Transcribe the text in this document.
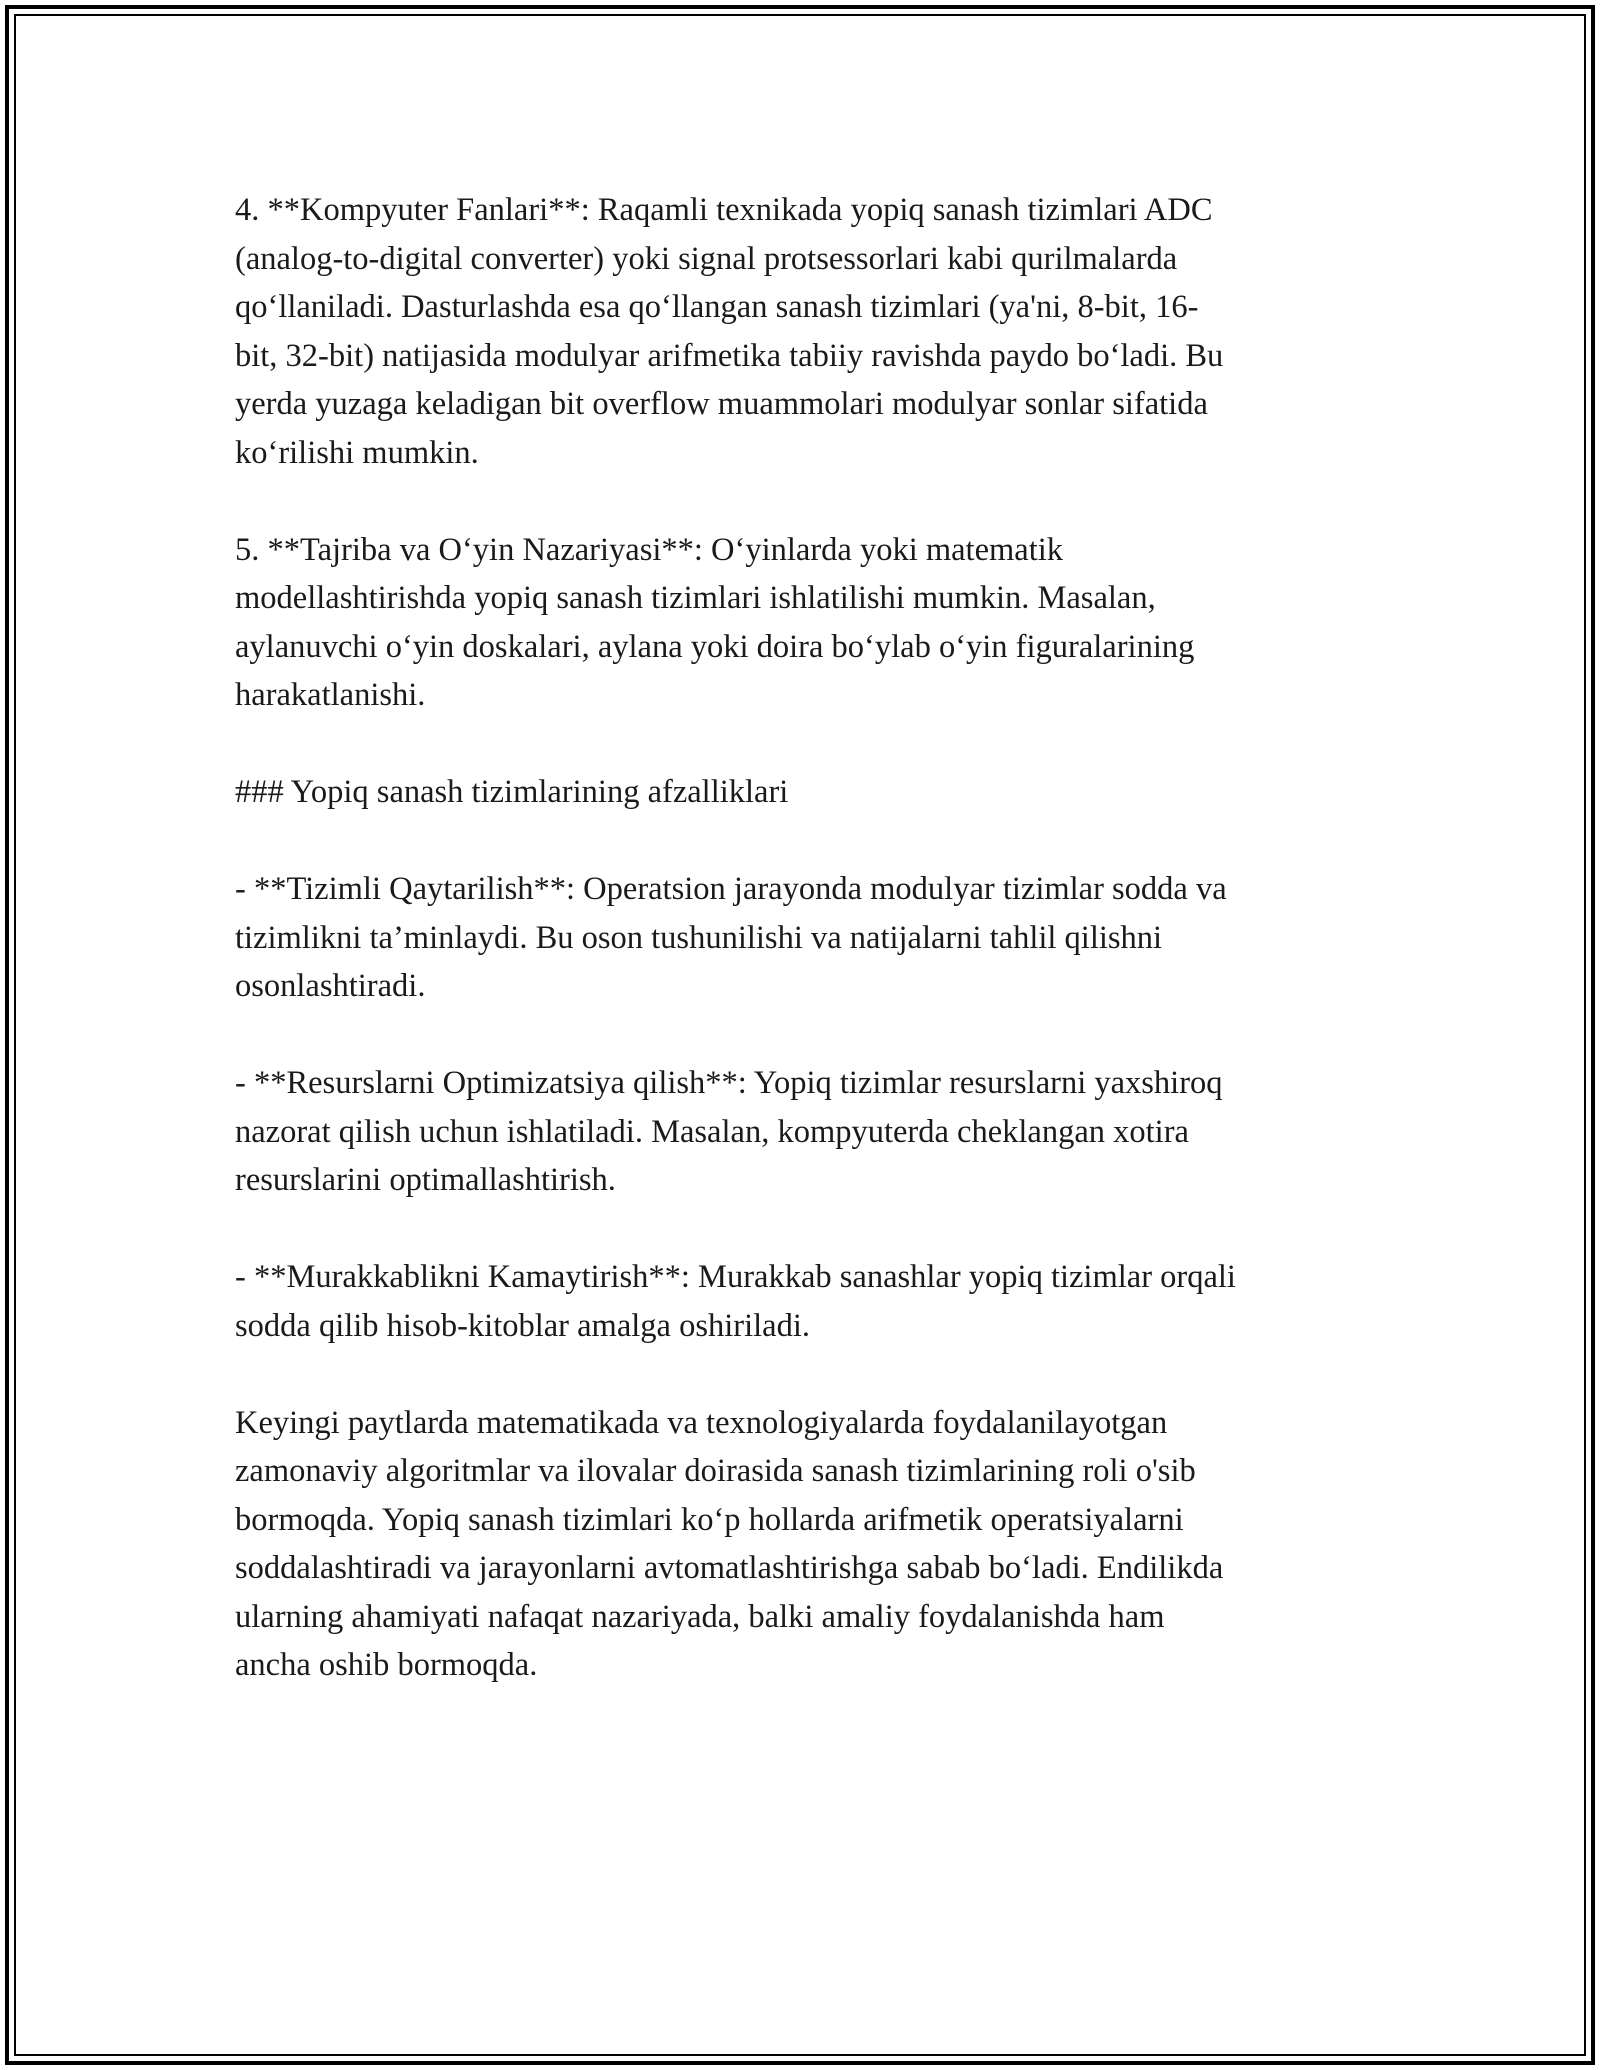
4. **Kompyuter Fanlari**: Raqamli texnikada yopiq sanash tizimlari ADC
(analog-to-digital converter) yoki signal protsessorlari kabi qurilmalarda
qo‘llaniladi. Dasturlashda esa qo‘llangan sanash tizimlari (ya'ni, 8-bit, 16-
bit, 32-bit) natijasida modulyar arifmetika tabiiy ravishda paydo bo‘ladi. Bu
yerda yuzaga keladigan bit overflow muammolari modulyar sonlar sifatida
ko‘rilishi mumkin.

5. **Tajriba va O‘yin Nazariyasi**: O‘yinlarda yoki matematik
modellashtirishda yopiq sanash tizimlari ishlatilishi mumkin. Masalan,
aylanuvchi o‘yin doskalari, aylana yoki doira bo‘ylab o‘yin figuralarining
harakatlanishi.

### Yopiq sanash tizimlarining afzalliklari

- **Tizimli Qaytarilish**: Operatsion jarayonda modulyar tizimlar sodda va
tizimlikni ta’minlaydi. Bu oson tushunilishi va natijalarni tahlil qilishni
osonlashtiradi.

- **Resurslarni Optimizatsiya qilish**: Yopiq tizimlar resurslarni yaxshiroq
nazorat qilish uchun ishlatiladi. Masalan, kompyuterda cheklangan xotira
resurslarini optimallashtirish.

- **Murakkablikni Kamaytirish**: Murakkab sanashlar yopiq tizimlar orqali
sodda qilib hisob-kitoblar amalga oshiriladi.

Keyingi paytlarda matematikada va texnologiyalarda foydalanilayotgan
zamonaviy algoritmlar va ilovalar doirasida sanash tizimlarining roli o'sib
bormoqda. Yopiq sanash tizimlari ko‘p hollarda arifmetik operatsiyalarni
soddalashtiradi va jarayonlarni avtomatlashtirishga sabab bo‘ladi. Endilikda
ularning ahamiyati nafaqat nazariyada, balki amaliy foydalanishda ham
ancha oshib bormoqda.
